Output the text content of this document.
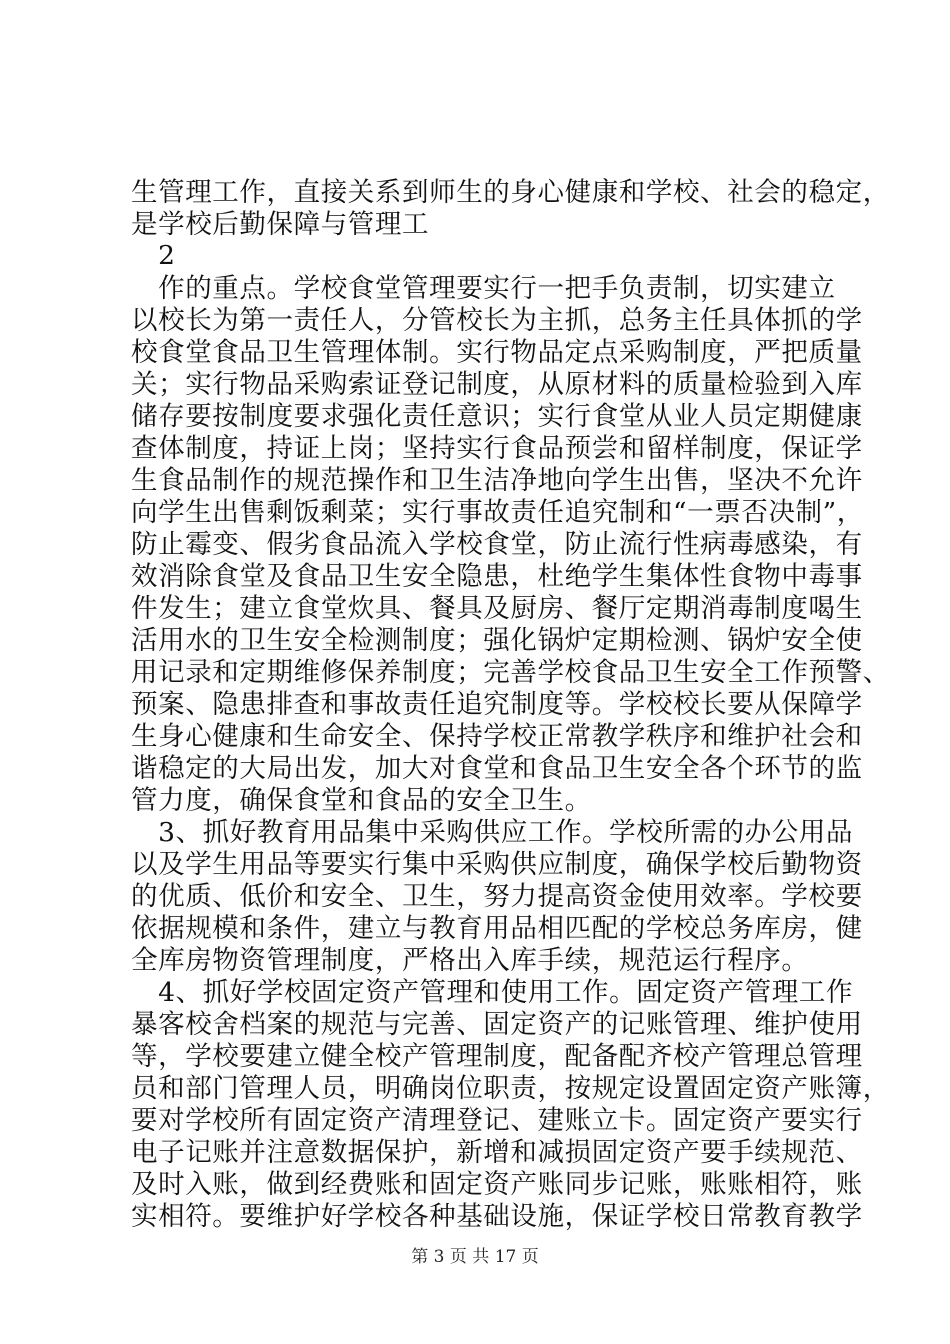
生管理工作，直接关系到师生的身心健康和学校、社会的稳定，
是学校后勤保障与管理工
　2
　作的重点。学校食堂管理要实行一把手负责制，切实建立
以校长为第一责任人，分管校长为主抓，总务主任具体抓的学
校食堂食品卫生管理体制。实行物品定点采购制度，严把质量
关；实行物品采购索证登记制度，从原材料的质量检验到入库
储存要按制度要求强化责任意识；实行食堂从业人员定期健康
查体制度，持证上岗；坚持实行食品预尝和留样制度，保证学
生食品制作的规范操作和卫生洁净地向学生出售，坚决不允许
向学生出售剩饭剩菜；实行事故责任追究制和“一票否决制”，
防止霉变、假劣食品流入学校食堂，防止流行性病毒感染，有
效消除食堂及食品卫生安全隐患，杜绝学生集体性食物中毒事
件发生；建立食堂炊具、餐具及厨房、餐厅定期消毒制度喝生
活用水的卫生安全检测制度；强化锅炉定期检测、锅炉安全使
用记录和定期维修保养制度；完善学校食品卫生安全工作预警、
预案、隐患排查和事故责任追究制度等。学校校长要从保障学
生身心健康和生命安全、保持学校正常教学秩序和维护社会和
谐稳定的大局出发，加大对食堂和食品卫生安全各个环节的监
管力度，确保食堂和食品的安全卫生。
　3、抓好教育用品集中采购供应工作。学校所需的办公用品
以及学生用品等要实行集中采购供应制度，确保学校后勤物资
的优质、低价和安全、卫生，努力提高资金使用效率。学校要
依据规模和条件，建立与教育用品相匹配的学校总务库房，健
全库房物资管理制度，严格出入库手续，规范运行程序。
　4、抓好学校固定资产管理和使用工作。固定资产管理工作
暴客校舍档案的规范与完善、固定资产的记账管理、维护使用
等，学校要建立健全校产管理制度，配备配齐校产管理总管理
员和部门管理人员，明确岗位职责，按规定设置固定资产账簿，
要对学校所有固定资产清理登记、建账立卡。固定资产要实行
电子记账并注意数据保护，新增和减损固定资产要手续规范、
及时入账，做到经费账和固定资产账同步记账，账账相符，账
实相符。要维护好学校各种基础设施，保证学校日常教育教学
第 3 页 共 17 页
